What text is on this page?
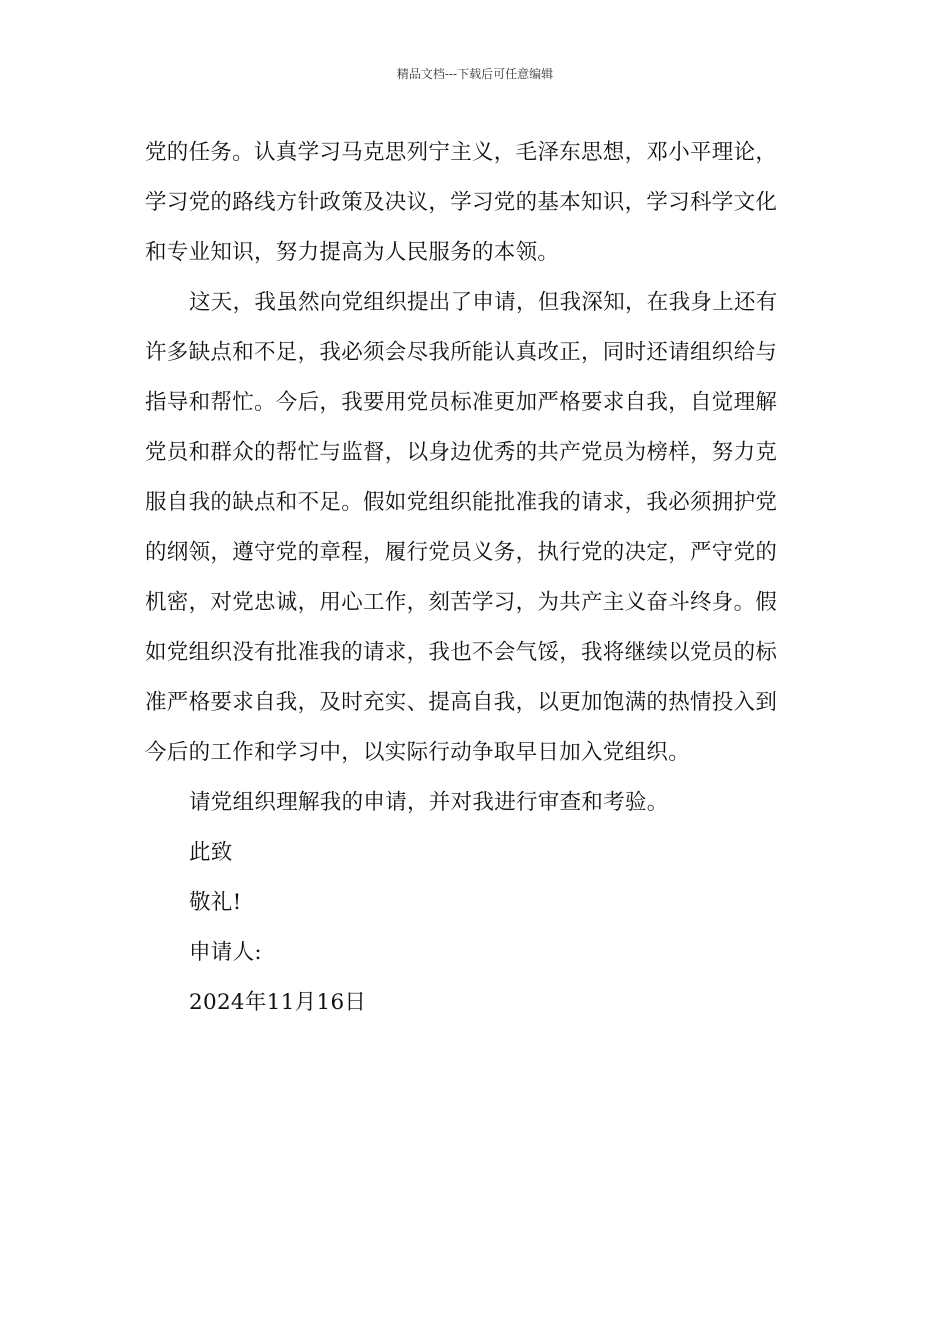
精品文档---下载后可任意编辑
党的任务。认真学习马克思列宁主义，毛泽东思想，邓小平理论，
学习党的路线方针政策及决议，学习党的基本知识，学习科学文化
和专业知识，努力提高为人民服务的本领。
这天，我虽然向党组织提出了申请，但我深知，在我身上还有
许多缺点和不足，我必须会尽我所能认真改正，同时还请组织给与
指导和帮忙。今后，我要用党员标准更加严格要求自我，自觉理解
党员和群众的帮忙与监督，以身边优秀的共产党员为榜样，努力克
服自我的缺点和不足。假如党组织能批准我的请求，我必须拥护党
的纲领，遵守党的章程，履行党员义务，执行党的决定，严守党的
机密，对党忠诚，用心工作，刻苦学习，为共产主义奋斗终身。假
如党组织没有批准我的请求，我也不会气馁，我将继续以党员的标
准严格要求自我，及时充实、提高自我，以更加饱满的热情投入到
今后的工作和学习中，以实际行动争取早日加入党组织。
请党组织理解我的申请，并对我进行审查和考验。
此致
敬礼!
申请人:
2024年11月16日
